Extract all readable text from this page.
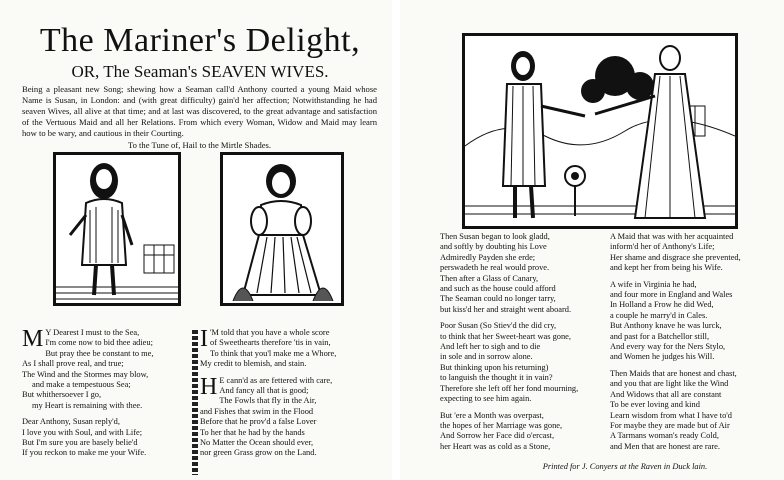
The Mariner's Delight,
OR, The Seaman's SEAVEN WIVES.
Being a pleasant new Song; shewing how a Seaman call'd Anthony courted a young Maid whose Name is Susan, in London: and (with great difficulty) gain'd her affection; Notwithstanding he had seaven Wives, all alive at that time; and at last was discovered, to the great advantage and satisfaction of the Vertuous Maid and all her Relations. From which every Woman, Widow and Maid may learn how to be wary, and cautious in their Courting.
To the Tune of, Hail to the Mirtle Shades.
M Y Dearest I must to the Sea,
I'm come now to bid thee adieu;
But pray thee be constant to me,
As I shall prove real, and true;
The Wind and the Stormes may blow,
and make a tempestuous Sea;
But whithersoever I go,
my Heart is remaining with thee.
Dear Anthony, Susan reply'd,
I love you with Soul, and with Life;
But I'm sure you are basely belie'd
If you reckon to make me your Wife.
I 'M told that you have a whole score
of Sweethearts therefore 'tis in vain,
To think that you'l make me a Whore,
My credit to blemish, and stain.
H E cann'd as are fettered with care,
And fancy all that is good;
The Fowls that fly in the Air,
and Fishes that swim in the Flood
Before that he prov'd a false Lover
To her that he had by the hands
No Matter the Ocean should ever,
nor green Grass grow on the Land.
Then Susan began to look gladd,
and softly by doubting his Love
Admiredly Payden she erde;
perswadeth he real would prove.
Then after a Glass of Canary,
and such as the house could afford
The Seaman could no longer tarry,
but kiss'd her and straight went aboard.
Poor Susan (So Stiev'd the did cry,
to think that her Sweet-heart was gone,
And left her to sigh and to die
in sole and in sorrow alone.
But thinking upon his returning)
to languish the thought it in vain?
Therefore she left off her fond mourning,
expecting to see him again.
But 'ere a Month was overpast,
the hopes of her Marriage was gone,
And Sorrow her Face did o'ercast,
her Heart was as cold as a Stone,
A Maid that was with her acquainted
inform'd her of Anthony's Life;
Her shame and disgrace she prevented,
and kept her from being his Wife.
A wife in Virginia he had,
and four more in England and Wales
In Holland a Frow he did Wed,
a couple he marry'd in Cales.
But Anthony knave he was lurck,
and past for a Batchellor still,
And every way for the Ners Stylo,
and Women he judges his Will.
Then Maids that are honest and chast,
and you that are light like the Wind
And Widows that all are constant
To be ever loving and kind
Learn wisdom from what I have to'd
For maybe they are made but of Air
A Tarmans woman's ready Cold,
and Men that are honest are rare.
Printed for J. Conyers at the Raven in Duck lain.
